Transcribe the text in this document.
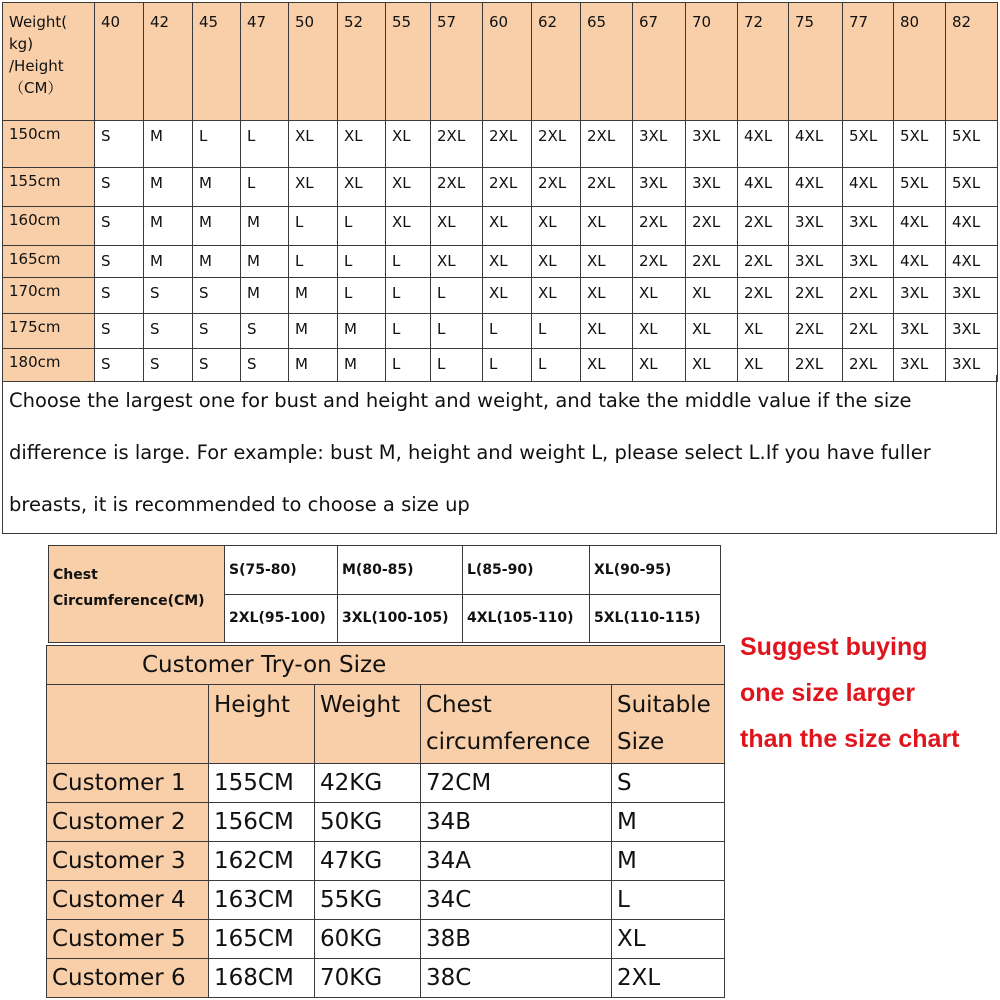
Weight(
kg)
/Height
（CM）	40	42	45	47	50	52	55	57	60	62	65	67	70	72	75	77	80	82
150cm	S	M	L	L	XL	XL	XL	2XL	2XL	2XL	2XL	3XL	3XL	4XL	4XL	5XL	5XL	5XL
155cm	S	M	M	L	XL	XL	XL	2XL	2XL	2XL	2XL	3XL	3XL	4XL	4XL	4XL	5XL	5XL
160cm	S	M	M	M	L	L	XL	XL	XL	XL	XL	2XL	2XL	2XL	3XL	3XL	4XL	4XL
165cm	S	M	M	M	L	L	L	XL	XL	XL	XL	2XL	2XL	2XL	3XL	3XL	4XL	4XL
170cm	S	S	S	M	M	L	L	L	XL	XL	XL	XL	XL	2XL	2XL	2XL	3XL	3XL
175cm	S	S	S	S	M	M	L	L	L	L	XL	XL	XL	XL	2XL	2XL	3XL	3XL
180cm	S	S	S	S	M	M	L	L	L	L	XL	XL	XL	XL	2XL	2XL	3XL	3XL
Choose the largest one for bust and height and weight, and take the middle value if the size
difference is large. For example: bust M, height and weight L, please select L.If you have fuller
breasts, it is recommended to choose a size up
Chest
Circumference(CM)	S(75-80)	M(80-85)	L(85-90)	XL(90-95)
	2XL(95-100)	3XL(100-105)	4XL(105-110)	5XL(110-115)
Customer Try-on Size				
	Height	Weight	Chest circumference	Suitable Size
Customer 1	155CM	42KG	72CM	S
Customer 2	156CM	50KG	34B	M
Customer 3	162CM	47KG	34A	M
Customer 4	163CM	55KG	34C	L
Customer 5	165CM	60KG	38B	XL
Customer 6	168CM	70KG	38C	2XL
Suggest buying
one size larger
than the size chart
